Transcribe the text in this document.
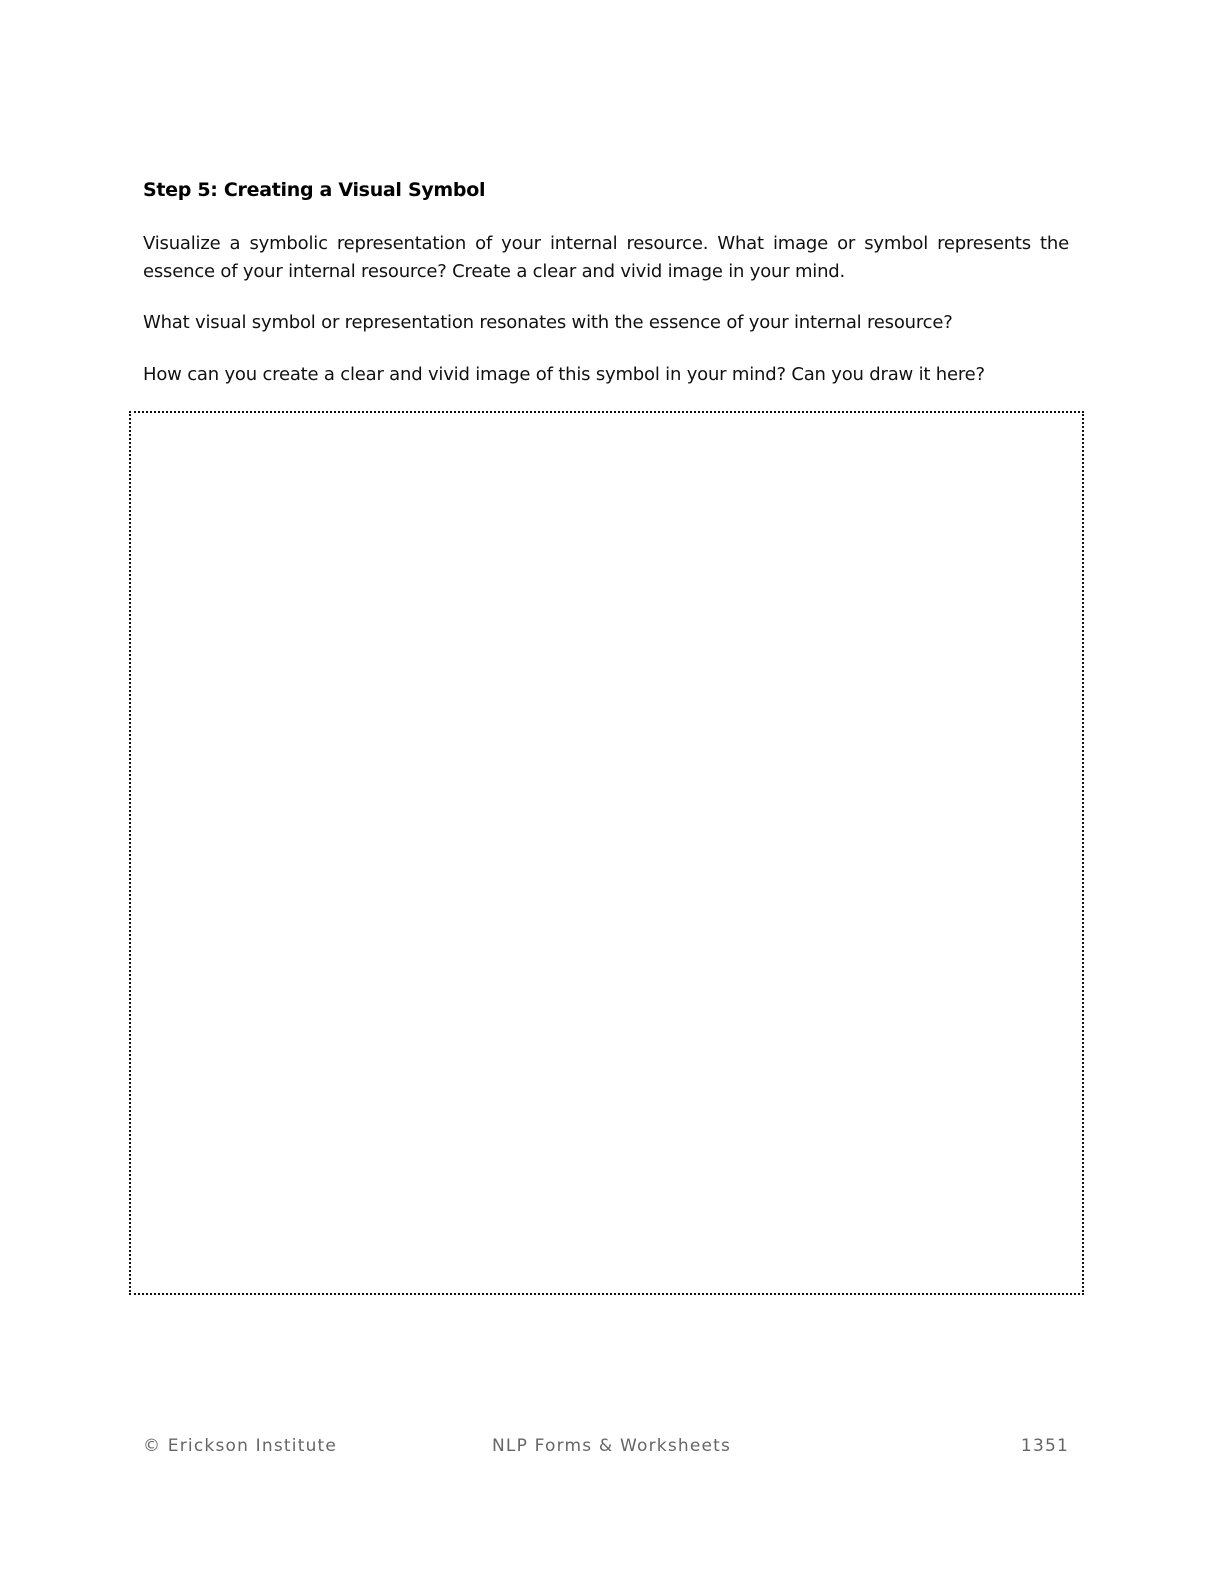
Step 5: Creating a Visual Symbol

Visualize a symbolic representation of your internal resource. What image or symbol represents the essence of your internal resource? Create a clear and vivid image in your mind.

What visual symbol or representation resonates with the essence of your internal resource?

How can you create a clear and vivid image of this symbol in your mind? Can you draw it here?

© Erickson Institute	NLP Forms & Worksheets	1351
